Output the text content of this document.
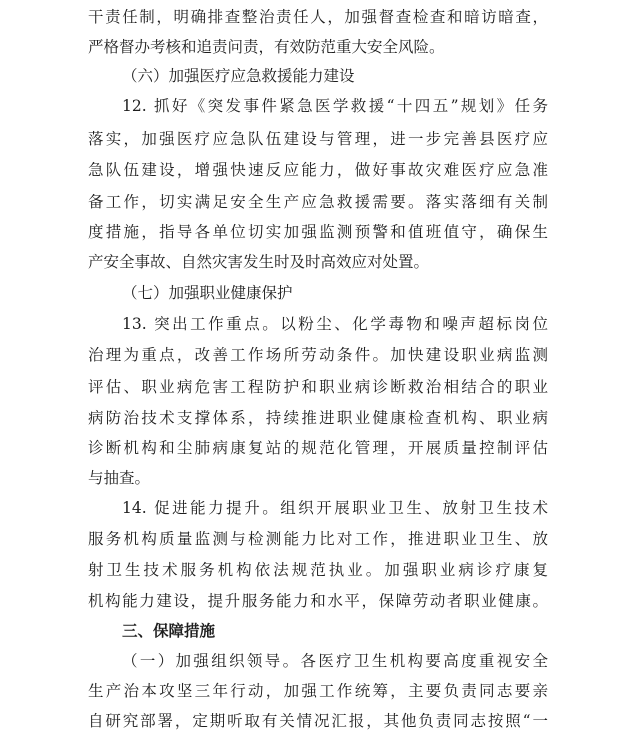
干责任制，明确排查整治责任人，加强督查检查和暗访暗查，
严格督办考核和追责问责，有效防范重大安全风险。
（六）加强医疗应急救援能力建设
12. 抓好《突发事件紧急医学救援“十四五”规划》任务
落实，加强医疗应急队伍建设与管理，进一步完善县医疗应
急队伍建设，增强快速反应能力，做好事故灾难医疗应急准
备工作，切实满足安全生产应急救援需要。落实落细有关制
度措施，指导各单位切实加强监测预警和值班值守，确保生
产安全事故、自然灾害发生时及时高效应对处置。
（七）加强职业健康保护
13. 突出工作重点。以粉尘、化学毒物和噪声超标岗位
治理为重点，改善工作场所劳动条件。加快建设职业病监测
评估、职业病危害工程防护和职业病诊断救治相结合的职业
病防治技术支撑体系，持续推进职业健康检查机构、职业病
诊断机构和尘肺病康复站的规范化管理，开展质量控制评估
与抽查。
14. 促进能力提升。组织开展职业卫生、放射卫生技术
服务机构质量监测与检测能力比对工作，推进职业卫生、放
射卫生技术服务机构依法规范执业。加强职业病诊疗康复
机构能力建设，提升服务能力和水平，保障劳动者职业健康。
三、保障措施
（一）加强组织领导。各医疗卫生机构要高度重视安全
生产治本攻坚三年行动，加强工作统筹，主要负责同志要亲
自研究部署，定期听取有关情况汇报，其他负责同志按照“一
